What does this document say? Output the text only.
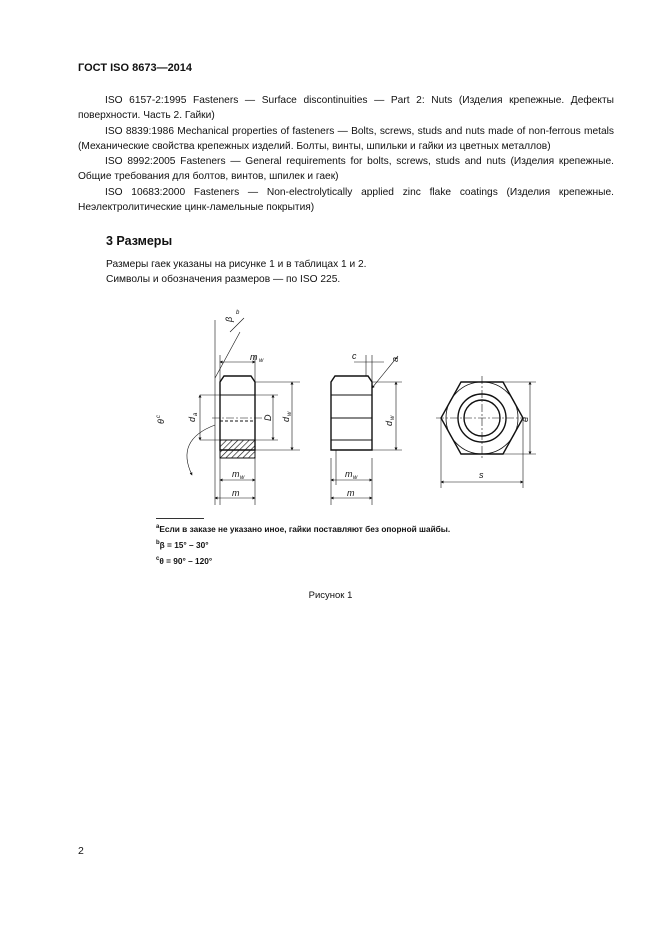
ГОСТ ISO 8673—2014

ISO 6157-2:1995 Fasteners — Surface discontinuities — Part 2: Nuts (Изделия крепежные. Дефекты поверхности. Часть 2. Гайки)

ISO 8839:1986 Mechanical properties of fasteners — Bolts, screws, studs and nuts made of non-ferrous metals (Механические свойства крепежных изделий. Болты, винты, шпильки и гайки из цветных металлов)

ISO 8992:2005 Fasteners — General requirements for bolts, screws, studs and nuts (Изделия крепежные. Общие требования для болтов, винтов, шпилек и гаек)

ISO 10683:2000 Fasteners — Non-electrolytically applied zinc flake coatings (Изделия крепежные. Неэлектролитические цинк-ламельные покрытия)

3 Размеры

Размеры гаек указаны на рисунке 1 и в таблицах 1 и 2.

Символы и обозначения размеров — по ISO 225.

m w
m w
m
d
a
D d
w
θ
c
β
b
c	a
m w
m
d
w
s
e
$^a$Если в заказе не указано иное, гайки поставляют без опорной шайбы.
$^b$β = 15° – 30°
$^c$θ = 90° – 120°
Рисунок 1
2
